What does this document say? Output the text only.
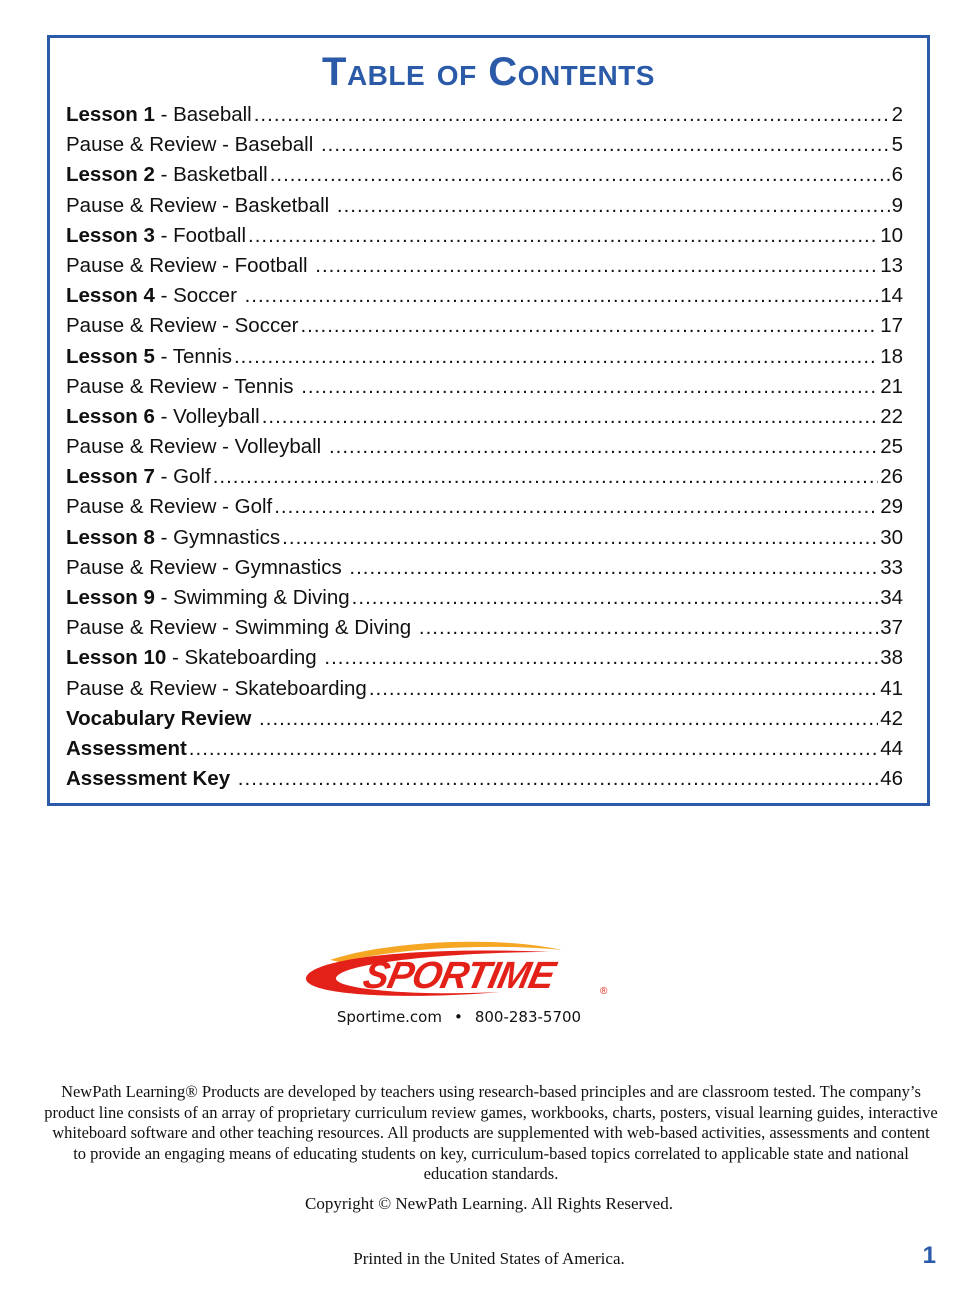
Table of Contents
Lesson 1 - Baseball .....	2
Pause & Review - Baseball .....	5
Lesson 2 - Basketball .....	6
Pause & Review - Basketball .....	9
Lesson 3 - Football .....	10
Pause & Review - Football .....	13
Lesson 4 - Soccer .....	14
Pause & Review - Soccer .....	17
Lesson 5 - Tennis .....	18
Pause & Review - Tennis .....	21
Lesson 6 - Volleyball .....	22
Pause & Review - Volleyball .....	25
Lesson 7 - Golf .....	26
Pause & Review - Golf .....	29
Lesson 8 - Gymnastics .....	30
Pause & Review - Gymnastics .....	33
Lesson 9 - Swimming & Diving .....	34
Pause & Review - Swimming & Diving .....	37
Lesson 10 - Skateboarding .....	38
Pause & Review - Skateboarding .....	41
Vocabulary Review .....	42
Assessment .....	44
Assessment Key .....	46
SPORTIME	®
Sportime.com • 800-283-5700
NewPath Learning® Products are developed by teachers using research-based principles and are classroom tested. The company’s product line consists of an array of proprietary curriculum review games, workbooks, charts, posters, visual learning guides, interactive whiteboard software and other teaching resources. All products are supplemented with web-based activities, assessments and content to provide an engaging means of educating students on key, curriculum-based topics correlated to applicable state and national education standards.
Copyright © NewPath Learning. All Rights Reserved.
Printed in the United States of America.	1
